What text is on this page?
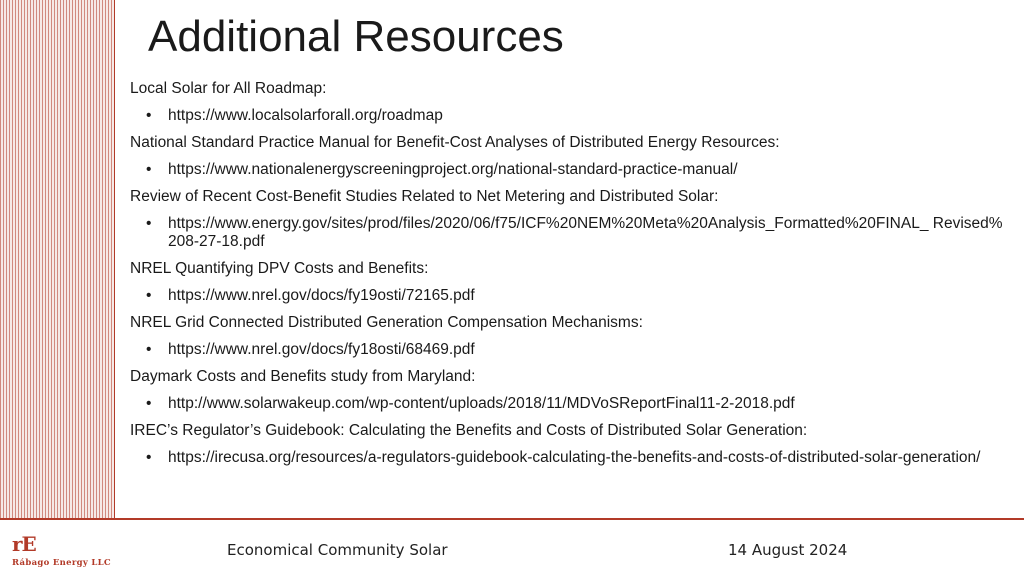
Additional Resources
Local Solar for All Roadmap:
• https://www.localsolarforall.org/roadmap
National Standard Practice Manual for Benefit-Cost Analyses of Distributed Energy Resources:
• https://www.nationalenergyscreeningproject.org/national-standard-practice-manual/
Review of Recent Cost-Benefit Studies Related to Net Metering and Distributed Solar:
• https://www.energy.gov/sites/prod/files/2020/06/f75/ICF%20NEM%20Meta%20Analysis_Formatted%20FINAL_ Revised%208-27-18.pdf
NREL Quantifying DPV Costs and Benefits:
• https://www.nrel.gov/docs/fy19osti/72165.pdf
NREL Grid Connected Distributed Generation Compensation Mechanisms:
• https://www.nrel.gov/docs/fy18osti/68469.pdf
Daymark Costs and Benefits study from Maryland:
• http://www.solarwakeup.com/wp-content/uploads/2018/11/MDVoSReportFinal11-2-2018.pdf
IREC’s Regulator’s Guidebook: Calculating the Benefits and Costs of Distributed Solar Generation:
• https://irecusa.org/resources/a-regulators-guidebook-calculating-the-benefits-and-costs-of-distributed-solar-generation/
rE
Rábago Energy LLC
Economical Community Solar	14 August 2024
